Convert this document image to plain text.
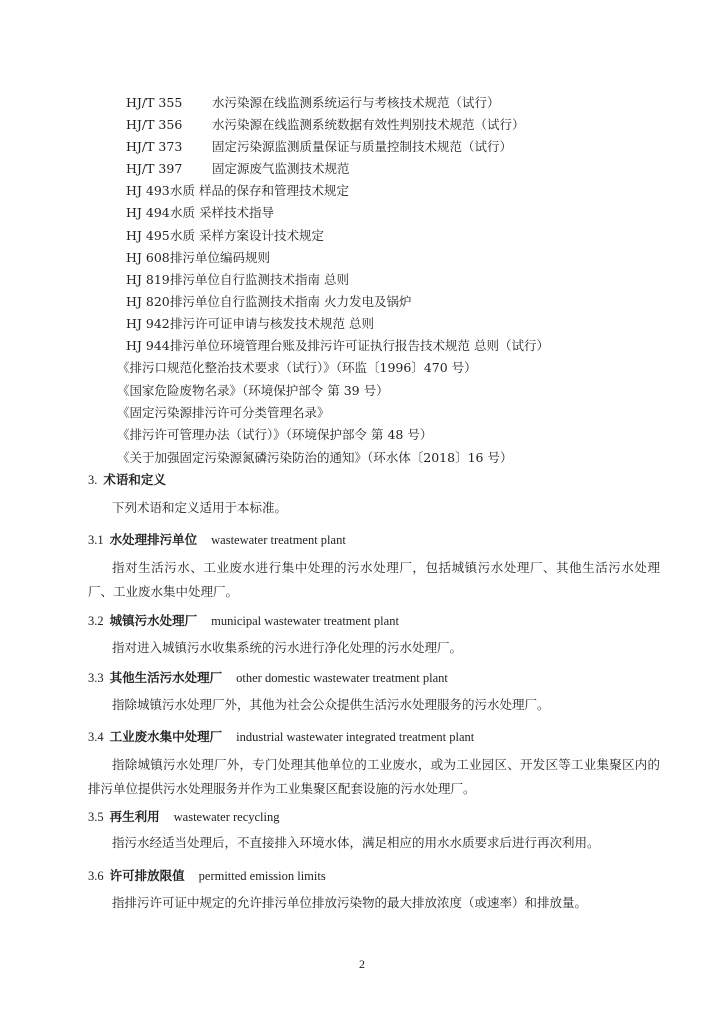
HJ/T 355 水污染源在线监测系统运行与考核技术规范（试行）
HJ/T 356 水污染源在线监测系统数据有效性判别技术规范（试行）
HJ/T 373 固定污染源监测质量保证与质量控制技术规范（试行）
HJ/T 397 固定源废气监测技术规范
HJ 493 水质 样品的保存和管理技术规定
HJ 494 水质 采样技术指导
HJ 495 水质 采样方案设计技术规定
HJ 608 排污单位编码规则
HJ 819 排污单位自行监测技术指南 总则
HJ 820 排污单位自行监测技术指南 火力发电及锅炉
HJ 942 排污许可证申请与核发技术规范 总则
HJ 944 排污单位环境管理台账及排污许可证执行报告技术规范 总则（试行）
《排污口规范化整治技术要求（试行）》（环监〔1996〕470 号）
《国家危险废物名录》（环境保护部令 第 39 号）
《固定污染源排污许可分类管理名录》
《排污许可管理办法（试行）》（环境保护部令 第 48 号）
《关于加强固定污染源氮磷污染防治的通知》（环水体〔2018〕16 号）
3. 术语和定义
下列术语和定义适用于本标准。
3.1 水处理排污单位 wastewater treatment plant
指对生活污水、工业废水进行集中处理的污水处理厂，包括城镇污水处理厂、其他生活污水处理厂、工业废水集中处理厂。
3.2 城镇污水处理厂 municipal wastewater treatment plant
指对进入城镇污水收集系统的污水进行净化处理的污水处理厂。
3.3 其他生活污水处理厂 other domestic wastewater treatment plant
指除城镇污水处理厂外，其他为社会公众提供生活污水处理服务的污水处理厂。
3.4 工业废水集中处理厂 industrial wastewater integrated treatment plant
指除城镇污水处理厂外，专门处理其他单位的工业废水，或为工业园区、开发区等工业集聚区内的排污单位提供污水处理服务并作为工业集聚区配套设施的污水处理厂。
3.5 再生利用 wastewater recycling
指污水经适当处理后，不直接排入环境水体，满足相应的用水水质要求后进行再次利用。
3.6 许可排放限值 permitted emission limits
指排污许可证中规定的允许排污单位排放污染物的最大排放浓度（或速率）和排放量。
2
